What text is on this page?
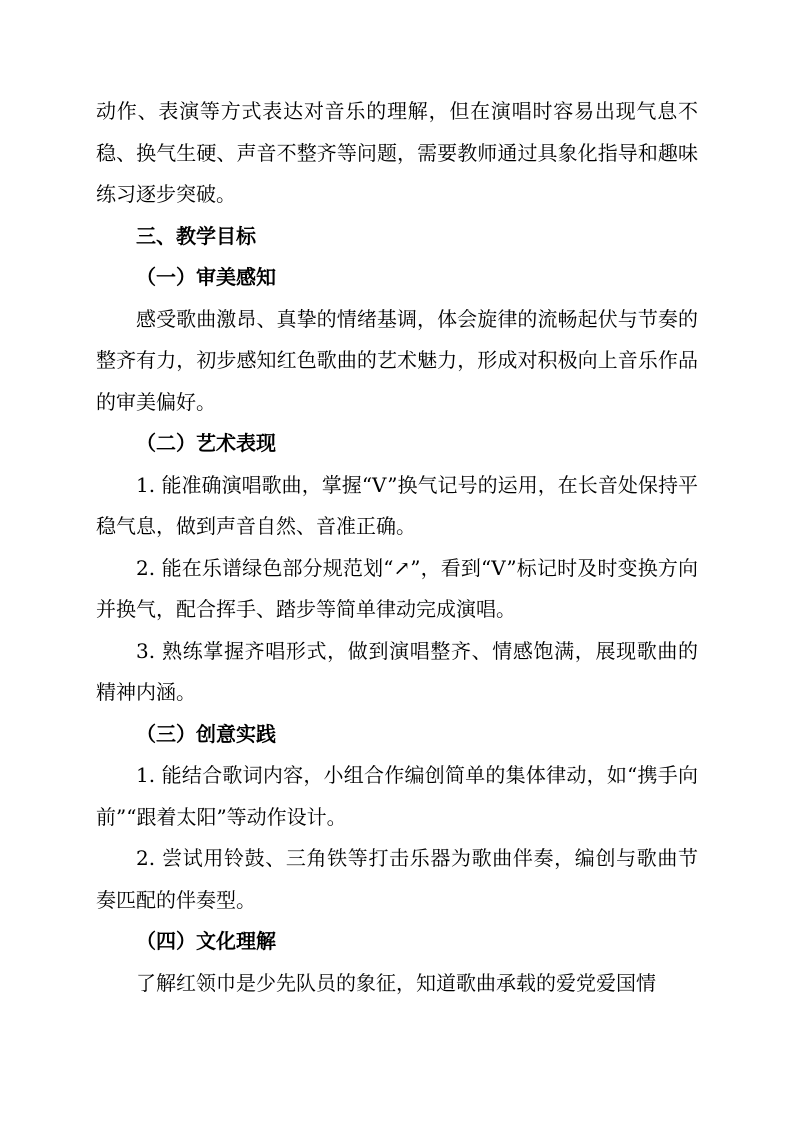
动作、表演等方式表达对音乐的理解，但在演唱时容易出现气息不稳、换气生硬、声音不整齐等问题，需要教师通过具象化指导和趣味练习逐步突破。

三、教学目标

（一）审美感知

感受歌曲激昂、真挚的情绪基调，体会旋律的流畅起伏与节奏的整齐有力，初步感知红色歌曲的艺术魅力，形成对积极向上音乐作品的审美偏好。

（二）艺术表现

1. 能准确演唱歌曲，掌握“V”换气记号的运用，在长音处保持平稳气息，做到声音自然、音准正确。

2. 能在乐谱绿色部分规范划“↗”，看到“V”标记时及时变换方向并换气，配合挥手、踏步等简单律动完成演唱。

3. 熟练掌握齐唱形式，做到演唱整齐、情感饱满，展现歌曲的精神内涵。

（三）创意实践

1. 能结合歌词内容，小组合作编创简单的集体律动，如“携手向前”“跟着太阳”等动作设计。

2. 尝试用铃鼓、三角铁等打击乐器为歌曲伴奏，编创与歌曲节奏匹配的伴奏型。

（四）文化理解

了解红领巾是少先队员的象征，知道歌曲承载的爱党爱国情
